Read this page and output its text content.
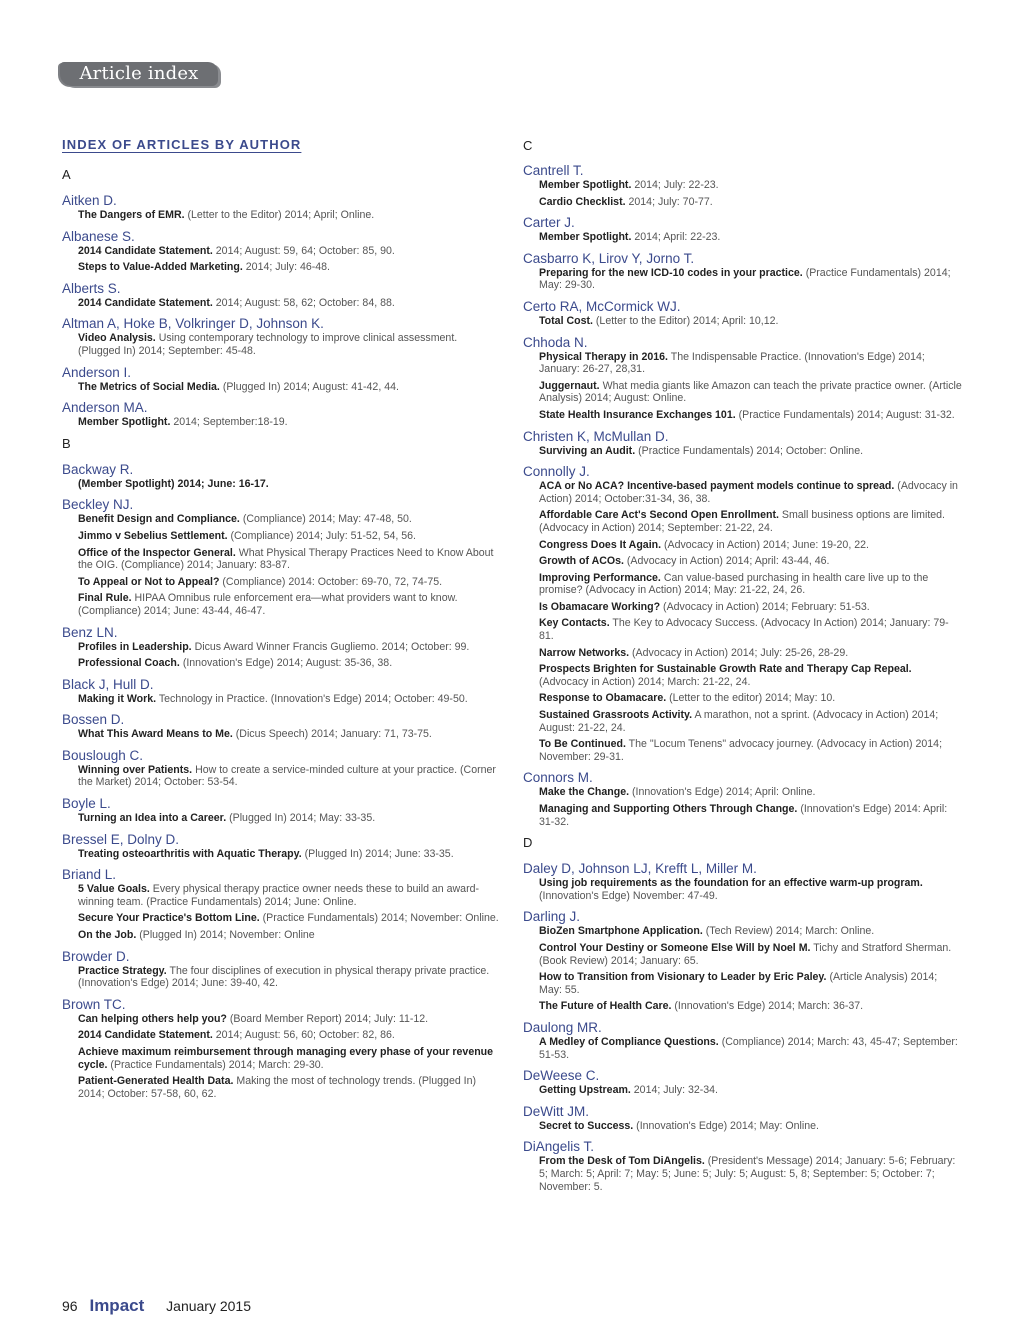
Article index
INDEX OF ARTICLES BY AUTHOR
A
Aitken D.
The Dangers of EMR. (Letter to the Editor) 2014; April; Online.
Albanese S.
2014 Candidate Statement. 2014; August: 59, 64; October: 85, 90.
Steps to Value-Added Marketing. 2014; July: 46-48.
Alberts S.
2014 Candidate Statement. 2014; August: 58, 62; October: 84, 88.
Altman A, Hoke B, Volkringer D, Johnson K.
Video Analysis. Using contemporary technology to improve clinical assessment. (Plugged In) 2014; September: 45-48.
Anderson I.
The Metrics of Social Media. (Plugged In) 2014; August: 41-42, 44.
Anderson MA.
Member Spotlight. 2014; September:18-19.
B
Backway R.
(Member Spotlight) 2014; June: 16-17.
Beckley NJ.
Benefit Design and Compliance. (Compliance) 2014; May: 47-48, 50.
Jimmo v Sebelius Settlement. (Compliance) 2014; July: 51-52, 54, 56.
Office of the Inspector General. What Physical Therapy Practices Need to Know About the OIG. (Compliance) 2014; January: 83-87.
To Appeal or Not to Appeal? (Compliance) 2014: October: 69-70, 72, 74-75.
Final Rule. HIPAA Omnibus rule enforcement era—what providers want to know. (Compliance) 2014; June: 43-44, 46-47.
Benz LN.
Profiles in Leadership. Dicus Award Winner Francis Gugliemo. 2014; October: 99.
Professional Coach. (Innovation's Edge) 2014; August: 35-36, 38.
Black J, Hull D.
Making it Work. Technology in Practice. (Innovation's Edge) 2014; October: 49-50.
Bossen D.
What This Award Means to Me. (Dicus Speech) 2014; January: 71, 73-75.
Bouslough C.
Winning over Patients. How to create a service-minded culture at your practice. (Corner the Market) 2014; October: 53-54.
Boyle L.
Turning an Idea into a Career. (Plugged In) 2014; May: 33-35.
Bressel E, Dolny D.
Treating osteoarthritis with Aquatic Therapy. (Plugged In) 2014; June: 33-35.
Briand L.
5 Value Goals. Every physical therapy practice owner needs these to build an award-winning team. (Practice Fundamentals) 2014; June: Online.
Secure Your Practice's Bottom Line. (Practice Fundamentals) 2014; November: Online.
On the Job. (Plugged In) 2014; November: Online
Browder D.
Practice Strategy. The four disciplines of execution in physical therapy private practice. (Innovation's Edge) 2014; June: 39-40, 42.
Brown TC.
Can helping others help you? (Board Member Report) 2014; July: 11-12.
2014 Candidate Statement. 2014; August: 56, 60; October: 82, 86.
Achieve maximum reimbursement through managing every phase of your revenue cycle. (Practice Fundamentals) 2014; March: 29-30.
Patient-Generated Health Data. Making the most of technology trends. (Plugged In) 2014; October: 57-58, 60, 62.
C
Cantrell T.
Member Spotlight. 2014; July: 22-23.
Cardio Checklist. 2014; July: 70-77.
Carter J.
Member Spotlight. 2014; April: 22-23.
Casbarro K, Lirov Y, Jorno T.
Preparing for the new ICD-10 codes in your practice. (Practice Fundamentals) 2014; May: 29-30.
Certo RA, McCormick WJ.
Total Cost. (Letter to the Editor) 2014; April: 10,12.
Chhoda N.
Physical Therapy in 2016. The Indispensable Practice. (Innovation's Edge) 2014; January: 26-27, 28,31.
Juggernaut. What media giants like Amazon can teach the private practice owner. (Article Analysis) 2014; August: Online.
State Health Insurance Exchanges 101. (Practice Fundamentals) 2014; August: 31-32.
Christen K, McMullan D.
Surviving an Audit. (Practice Fundamentals) 2014; October: Online.
Connolly J.
ACA or No ACA? Incentive-based payment models continue to spread. (Advocacy in Action) 2014; October:31-34, 36, 38.
Affordable Care Act's Second Open Enrollment. Small business options are limited. (Advocacy in Action) 2014; September: 21-22, 24.
Congress Does It Again. (Advocacy in Action) 2014; June: 19-20, 22.
Growth of ACOs. (Advocacy in Action) 2014; April: 43-44, 46.
Improving Performance. Can value-based purchasing in health care live up to the promise? (Advocacy in Action) 2014; May: 21-22, 24, 26.
Is Obamacare Working? (Advocacy in Action) 2014; February: 51-53.
Key Contacts. The Key to Advocacy Success. (Advocacy In Action) 2014; January: 79-81.
Narrow Networks. (Advocacy in Action) 2014; July: 25-26, 28-29.
Prospects Brighten for Sustainable Growth Rate and Therapy Cap Repeal. (Advocacy in Action) 2014; March: 21-22, 24.
Response to Obamacare. (Letter to the editor) 2014; May: 10.
Sustained Grassroots Activity. A marathon, not a sprint. (Advocacy in Action) 2014; August: 21-22, 24.
To Be Continued. The "Locum Tenens" advocacy journey. (Advocacy in Action) 2014; November: 29-31.
Connors M.
Make the Change. (Innovation's Edge) 2014; April: Online.
Managing and Supporting Others Through Change. (Innovation's Edge) 2014: April: 31-32.
D
Daley D, Johnson LJ, Krefft L, Miller M.
Using job requirements as the foundation for an effective warm-up program. (Innovation's Edge) November: 47-49.
Darling J.
BioZen Smartphone Application. (Tech Review) 2014; March: Online.
Control Your Destiny or Someone Else Will by Noel M. Tichy and Stratford Sherman. (Book Review) 2014; January: 65.
How to Transition from Visionary to Leader by Eric Paley. (Article Analysis) 2014; May: 55.
The Future of Health Care. (Innovation's Edge) 2014; March: 36-37.
Daulong MR.
A Medley of Compliance Questions. (Compliance) 2014; March: 43, 45-47; September: 51-53.
DeWeese C.
Getting Upstream. 2014; July: 32-34.
DeWitt JM.
Secret to Success. (Innovation's Edge) 2014; May: Online.
DiAngelis T.
From the Desk of Tom DiAngelis. (President's Message) 2014; January: 5-6; February: 5; March: 5; April: 7; May: 5; June: 5; July: 5; August: 5, 8; September: 5; October: 7; November: 5.
96 Impact January 2015
